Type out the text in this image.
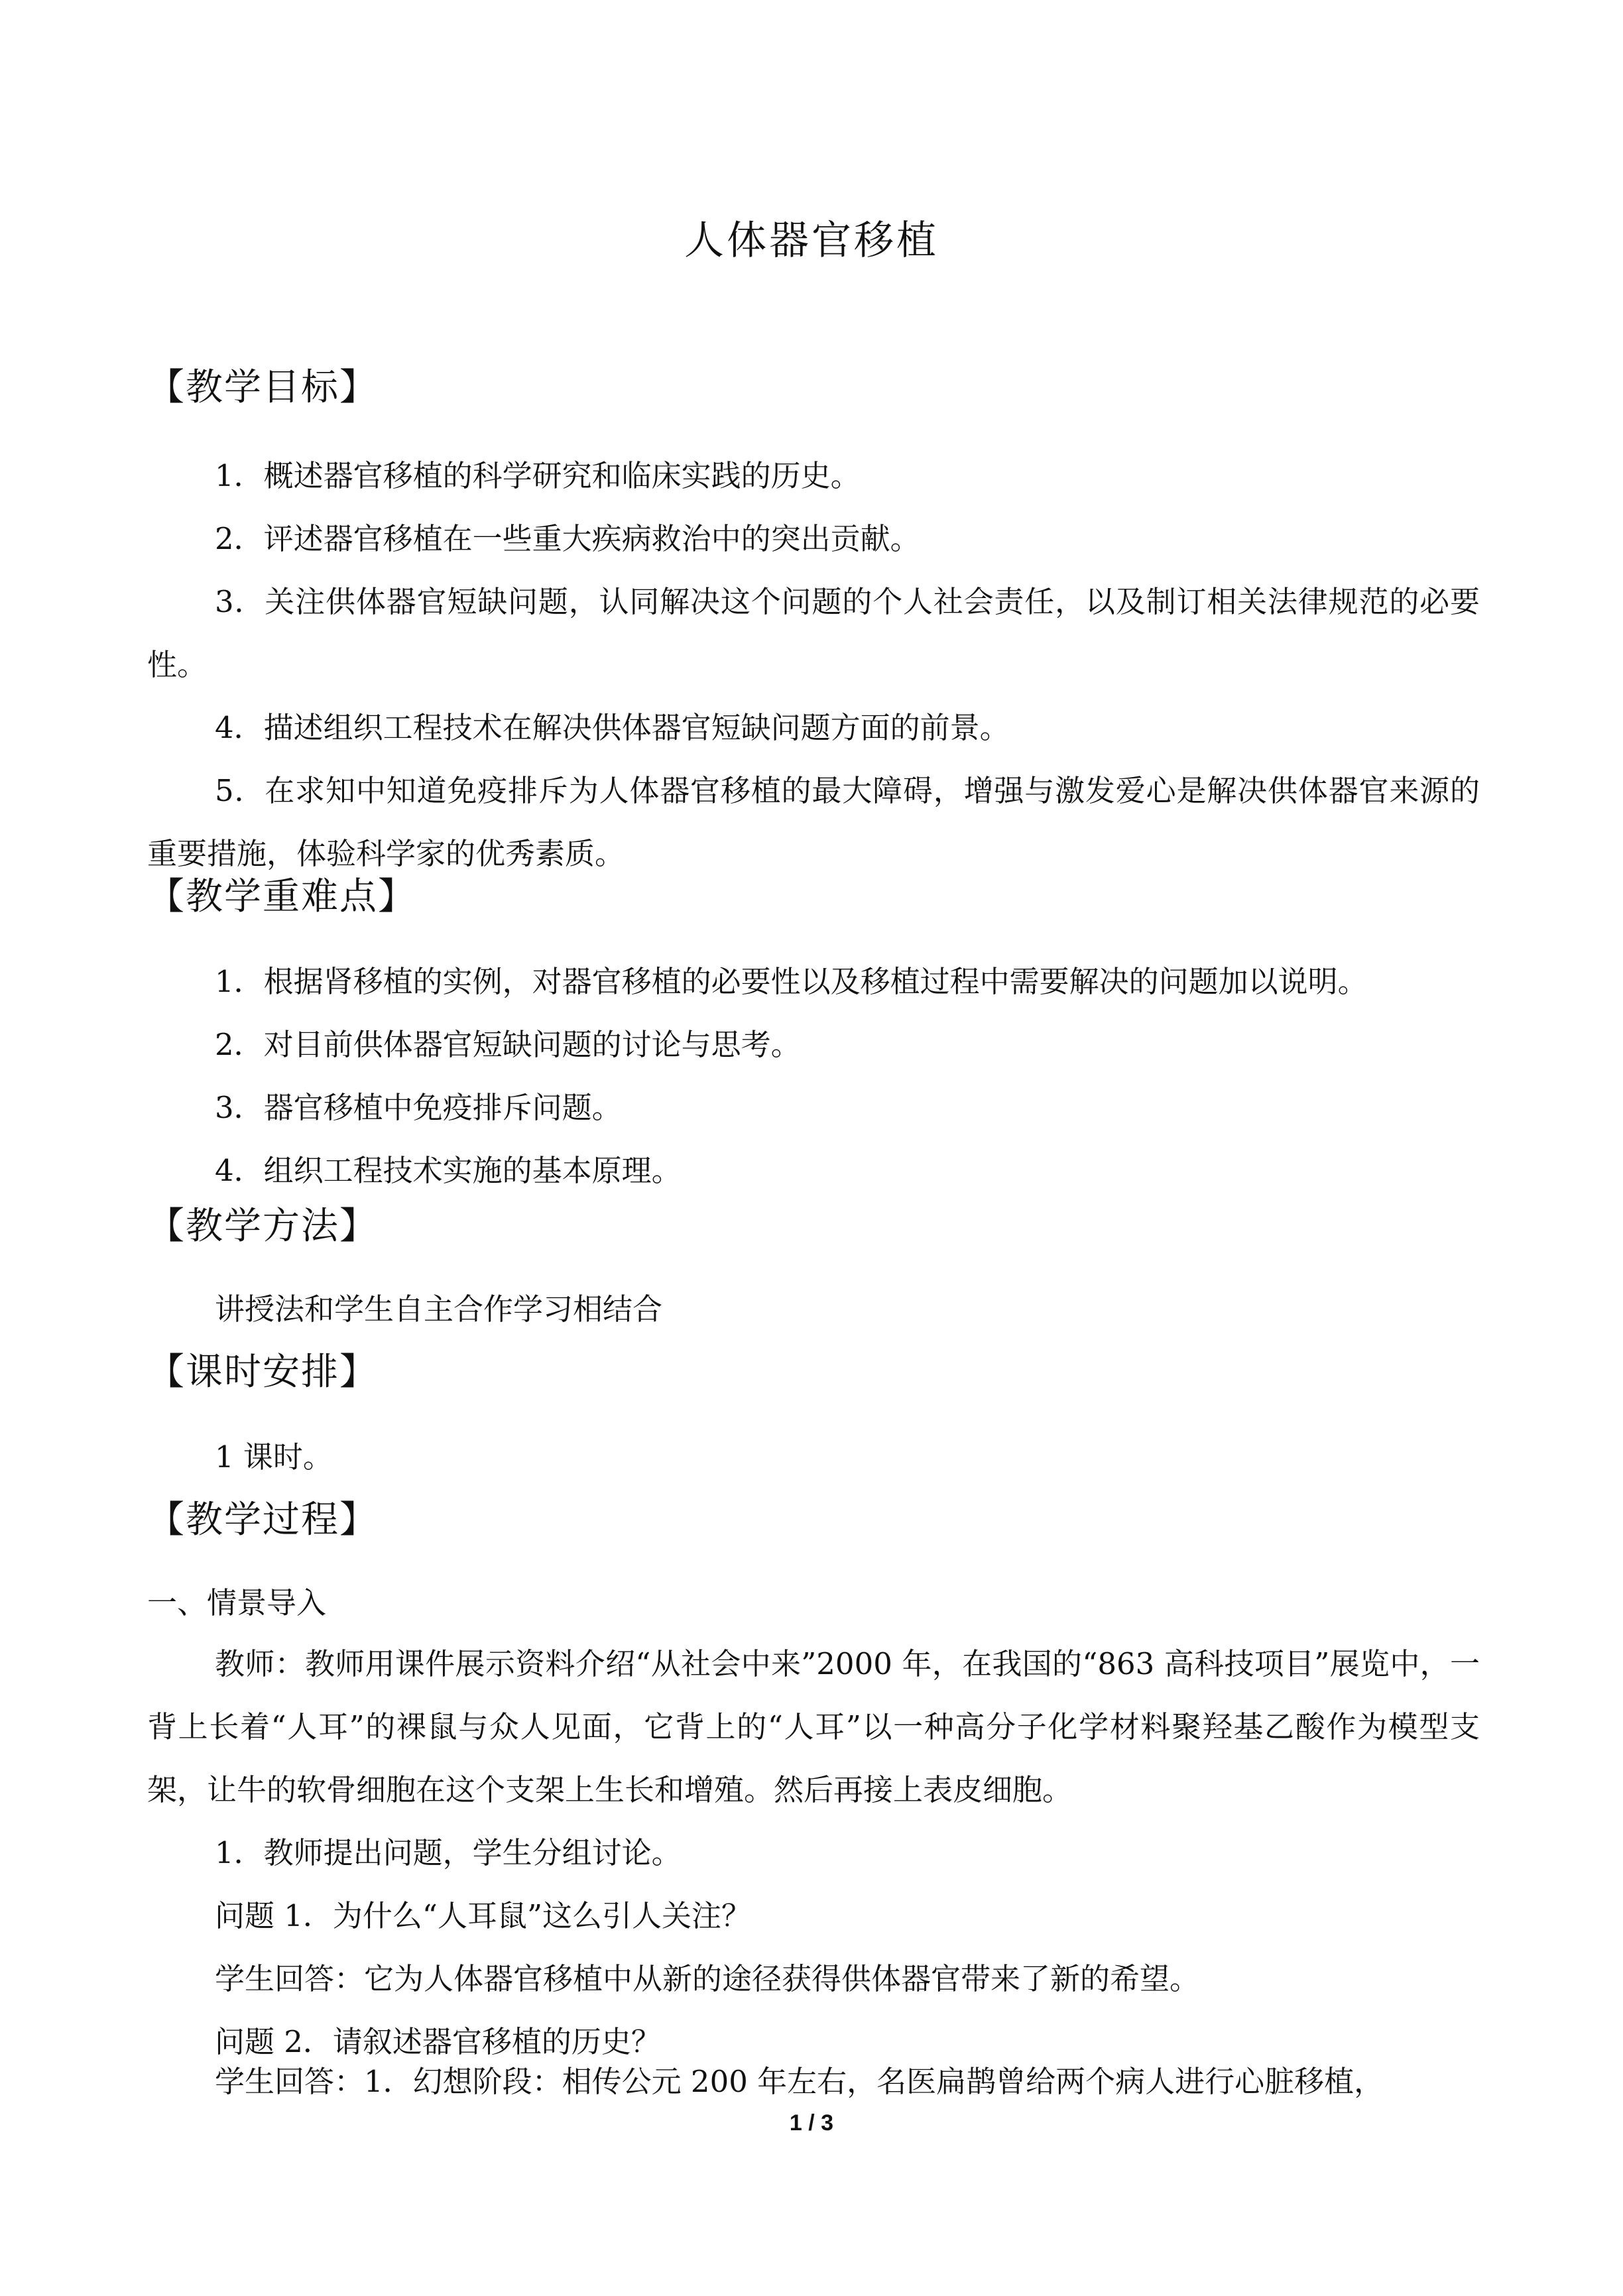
人体器官移植
【教学目标】
1．概述器官移植的科学研究和临床实践的历史。
2．评述器官移植在一些重大疾病救治中的突出贡献。
3．关注供体器官短缺问题，认同解决这个问题的个人社会责任，以及制订相关法律规范的必要性。
4．描述组织工程技术在解决供体器官短缺问题方面的前景。
5．在求知中知道免疫排斥为人体器官移植的最大障碍，增强与激发爱心是解决供体器官来源的重要措施，体验科学家的优秀素质。
【教学重难点】
1．根据肾移植的实例，对器官移植的必要性以及移植过程中需要解决的问题加以说明。
2．对目前供体器官短缺问题的讨论与思考。
3．器官移植中免疫排斥问题。
4．组织工程技术实施的基本原理。
【教学方法】
讲授法和学生自主合作学习相结合
【课时安排】
1 课时。
【教学过程】
一、情景导入
教师：教师用课件展示资料介绍“从社会中来”2000 年，在我国的“863 高科技项目”展览中，一背上长着“人耳”的裸鼠与众人见面，它背上的“人耳”以一种高分子化学材料聚羟基乙酸作为模型支架，让牛的软骨细胞在这个支架上生长和增殖。然后再接上表皮细胞。
1．教师提出问题，学生分组讨论。
问题 1．为什么“人耳鼠”这么引人关注？
学生回答：它为人体器官移植中从新的途径获得供体器官带来了新的希望。
问题 2．请叙述器官移植的历史？
学生回答：1．幻想阶段：相传公元 200 年左右，名医扁鹊曾给两个病人进行心脏移植，
1 / 3
